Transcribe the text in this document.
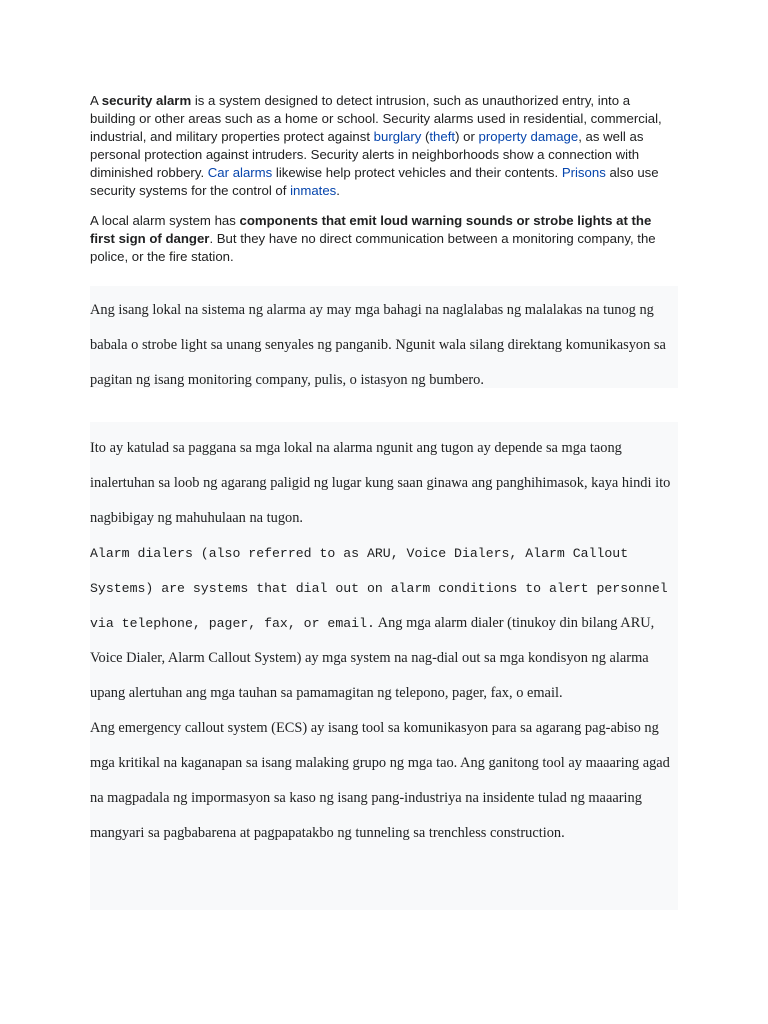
A security alarm is a system designed to detect intrusion, such as unauthorized entry, into a building or other areas such as a home or school. Security alarms used in residential, commercial, industrial, and military properties protect against burglary (theft) or property damage, as well as personal protection against intruders. Security alerts in neighborhoods show a connection with diminished robbery. Car alarms likewise help protect vehicles and their contents. Prisons also use security systems for the control of inmates.

A local alarm system has components that emit loud warning sounds or strobe lights at the first sign of danger. But they have no direct communication between a monitoring company, the police, or the fire station.

Ang isang lokal na sistema ng alarma ay may mga bahagi na naglalabas ng malalakas na tunog ng babala o strobe light sa unang senyales ng panganib. Ngunit wala silang direktang komunikasyon sa pagitan ng isang monitoring company, pulis, o istasyon ng bumbero.

Ito ay katulad sa paggana sa mga lokal na alarma ngunit ang tugon ay depende sa mga taong inalertuhan sa loob ng agarang paligid ng lugar kung saan ginawa ang panghihimasok, kaya hindi ito nagbibigay ng mahuhulaan na tugon.

Alarm dialers (also referred to as ARU, Voice Dialers, Alarm Callout Systems) are systems that dial out on alarm conditions to alert personnel via telephone, pager, fax, or email. Ang mga alarm dialer (tinukoy din bilang ARU, Voice Dialer, Alarm Callout System) ay mga system na nag-dial out sa mga kondisyon ng alarma upang alertuhan ang mga tauhan sa pamamagitan ng telepono, pager, fax, o email.

Ang emergency callout system (ECS) ay isang tool sa komunikasyon para sa agarang pag-abiso ng mga kritikal na kaganapan sa isang malaking grupo ng mga tao. Ang ganitong tool ay maaaring agad na magpadala ng impormasyon sa kaso ng isang pang-industriya na insidente tulad ng maaaring mangyari sa pagbabarena at pagpapatakbo ng tunneling sa trenchless construction.
